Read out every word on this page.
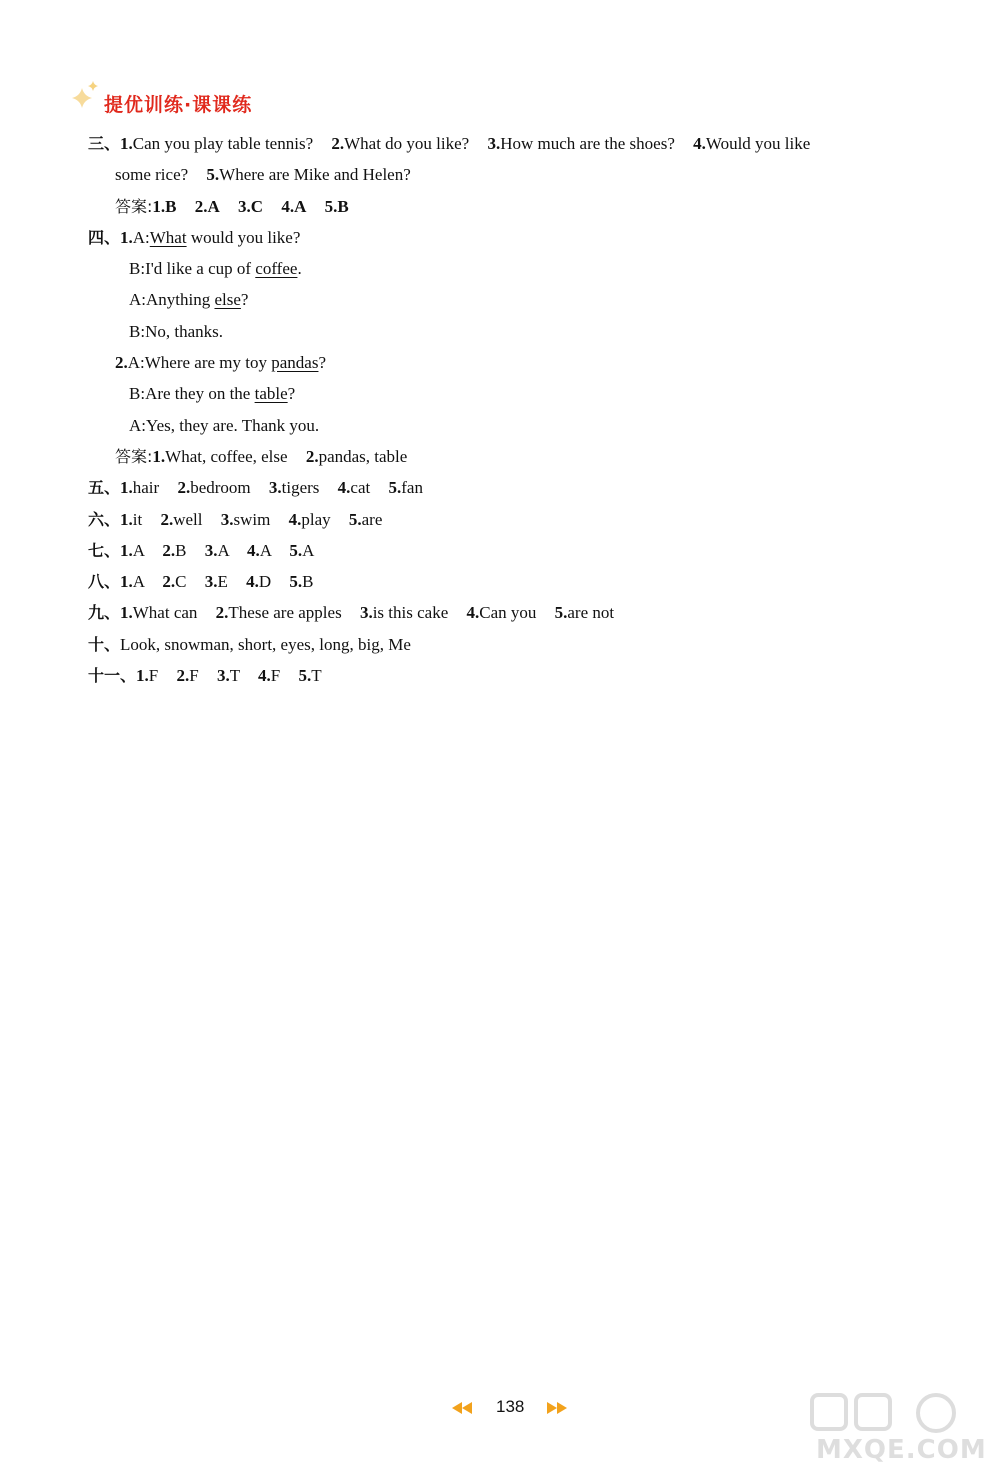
提优训练·课课练
三、1.Can you play table tennis? 2.What do you like? 3.How much are the shoes? 4.Would you like
some rice? 5.Where are Mike and Helen?
答案:1.B 2.A 3.C 4.A 5.B
四、1.A:What would you like?
B:I'd like a cup of coffee.
A:Anything else?
B:No, thanks.
2.A:Where are my toy pandas?
B:Are they on the table?
A:Yes, they are. Thank you.
答案:1.What, coffee, else 2.pandas, table
五、1.hair 2.bedroom 3.tigers 4.cat 5.fan
六、1.it 2.well 3.swim 4.play 5.are
七、1.A 2.B 3.A 4.A 5.A
八、1.A 2.C 3.E 4.D 5.B
九、1.What can 2.These are apples 3.is this cake 4.Can you 5.are not
十、Look, snowman, short, eyes, long, big, Me
十一、1.F 2.F 3.T 4.F 5.T
138
MXQE.COM
